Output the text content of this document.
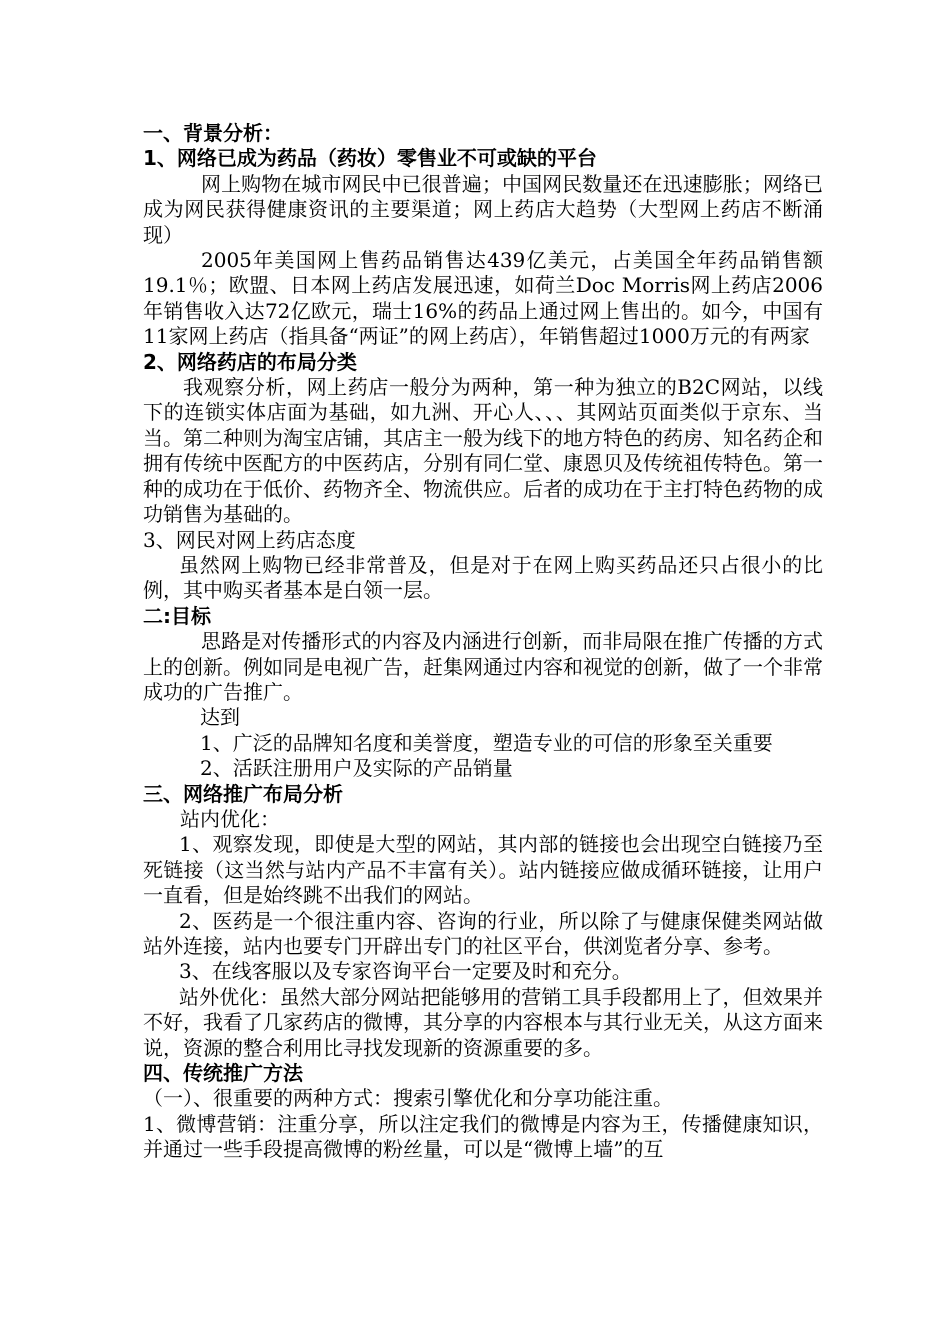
一、背景分析：

1、网络已成为药品（药妆）零售业不可或缺的平台

网上购物在城市网民中已很普遍；中国网民数量还在迅速膨胀；网络已成为网民获得健康资讯的主要渠道；网上药店大趋势（大型网上药店不断涌现）

2005年美国网上售药品销售达439亿美元，占美国全年药品销售额19.1％；欧盟、日本网上药店发展迅速，如荷兰Doc Morris网上药店2006年销售收入达72亿欧元，瑞士16%的药品上通过网上售出的。如今，中国有11家网上药店（指具备“两证”的网上药店），年销售超过1000万元的有两家

2、网络药店的布局分类

我观察分析，网上药店一般分为两种，第一种为独立的B2C网站，以线下的连锁实体店面为基础，如九洲、开心人、、、其网站页面类似于京东、当当。第二种则为淘宝店铺，其店主一般为线下的地方特色的药房、知名药企和拥有传统中医配方的中医药店，分别有同仁堂、康恩贝及传统祖传特色。第一种的成功在于低价、药物齐全、物流供应。后者的成功在于主打特色药物的成功销售为基础的。

3、网民对网上药店态度

虽然网上购物已经非常普及，但是对于在网上购买药品还只占很小的比例，其中购买者基本是白领一层。

二:目标

思路是对传播形式的内容及内涵进行创新，而非局限在推广传播的方式上的创新。例如同是电视广告，赶集网通过内容和视觉的创新，做了一个非常成功的广告推广。

达到

1、广泛的品牌知名度和美誉度，塑造专业的可信的形象至关重要

2、活跃注册用户及实际的产品销量

三、网络推广布局分析

站内优化：

1、观察发现，即使是大型的网站，其内部的链接也会出现空白链接乃至死链接（这当然与站内产品不丰富有关）。站内链接应做成循环链接，让用户一直看，但是始终跳不出我们的网站。

2、医药是一个很注重内容、咨询的行业，所以除了与健康保健类网站做站外连接，站内也要专门开辟出专门的社区平台，供浏览者分享、参考。

3、在线客服以及专家咨询平台一定要及时和充分。

站外优化：虽然大部分网站把能够用的营销工具手段都用上了，但效果并不好，我看了几家药店的微博，其分享的内容根本与其行业无关，从这方面来说，资源的整合利用比寻找发现新的资源重要的多。

四、传统推广方法

（一）、很重要的两种方式：搜索引擎优化和分享功能注重。

1、微博营销：注重分享，所以注定我们的微博是内容为王，传播健康知识，并通过一些手段提高微博的粉丝量，可以是“微博上墙”的互
